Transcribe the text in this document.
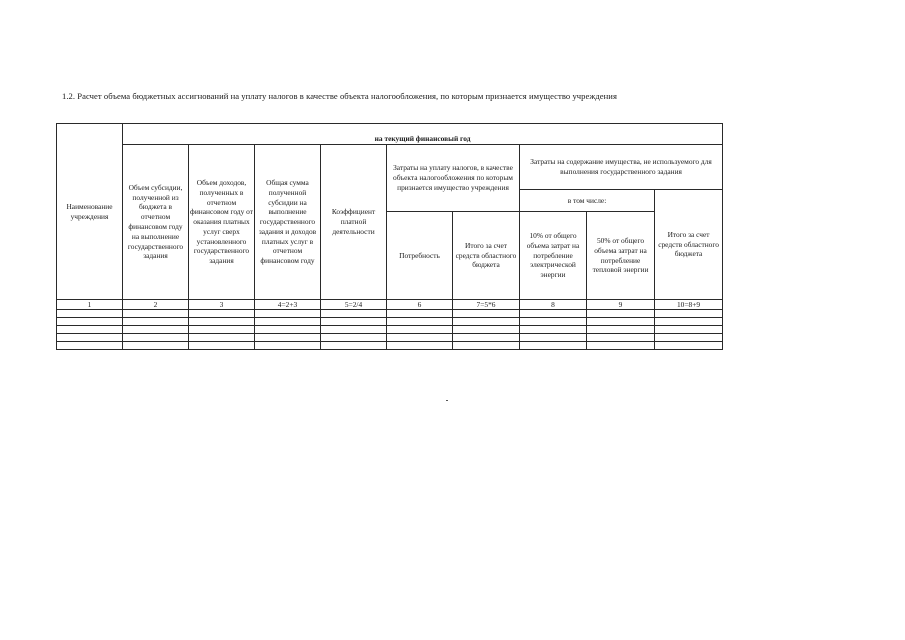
1.2. Расчет объема бюджетных ассигнований на уплату налогов в качестве объекта налогообложения, по которым признается имущество учреждения
Наименование учреждения	на текущий финансовый год								
	Объем субсидии, полученной из бюджета в отчетном финансовом году на выполнение государственного задания	Объем доходов, полученных в отчетном финансовом году от оказания платных услуг сверх установленного государственного задания	Общая сумма полученной субсидии на выполнение государственного задания и доходов платных услуг в отчетном финансовом году	Коэффициент платной деятельности	Затраты на уплату налогов, в качестве объекта налогообложения по которым признается имущество учреждения		Затраты на содержание имущества, не используемого для выполнения государственного задания		
							в том числе:		Итого за счет средств областного бюджета
					Потребность	Итого за счет средств областного бюджета	10% от общего объема затрат на потребление электрической энергии	50% от общего объема затрат на потребление тепловой энергии	
1	2	3	4=2+3	5=2/4	6	7=5*6	8	9	10=8+9
